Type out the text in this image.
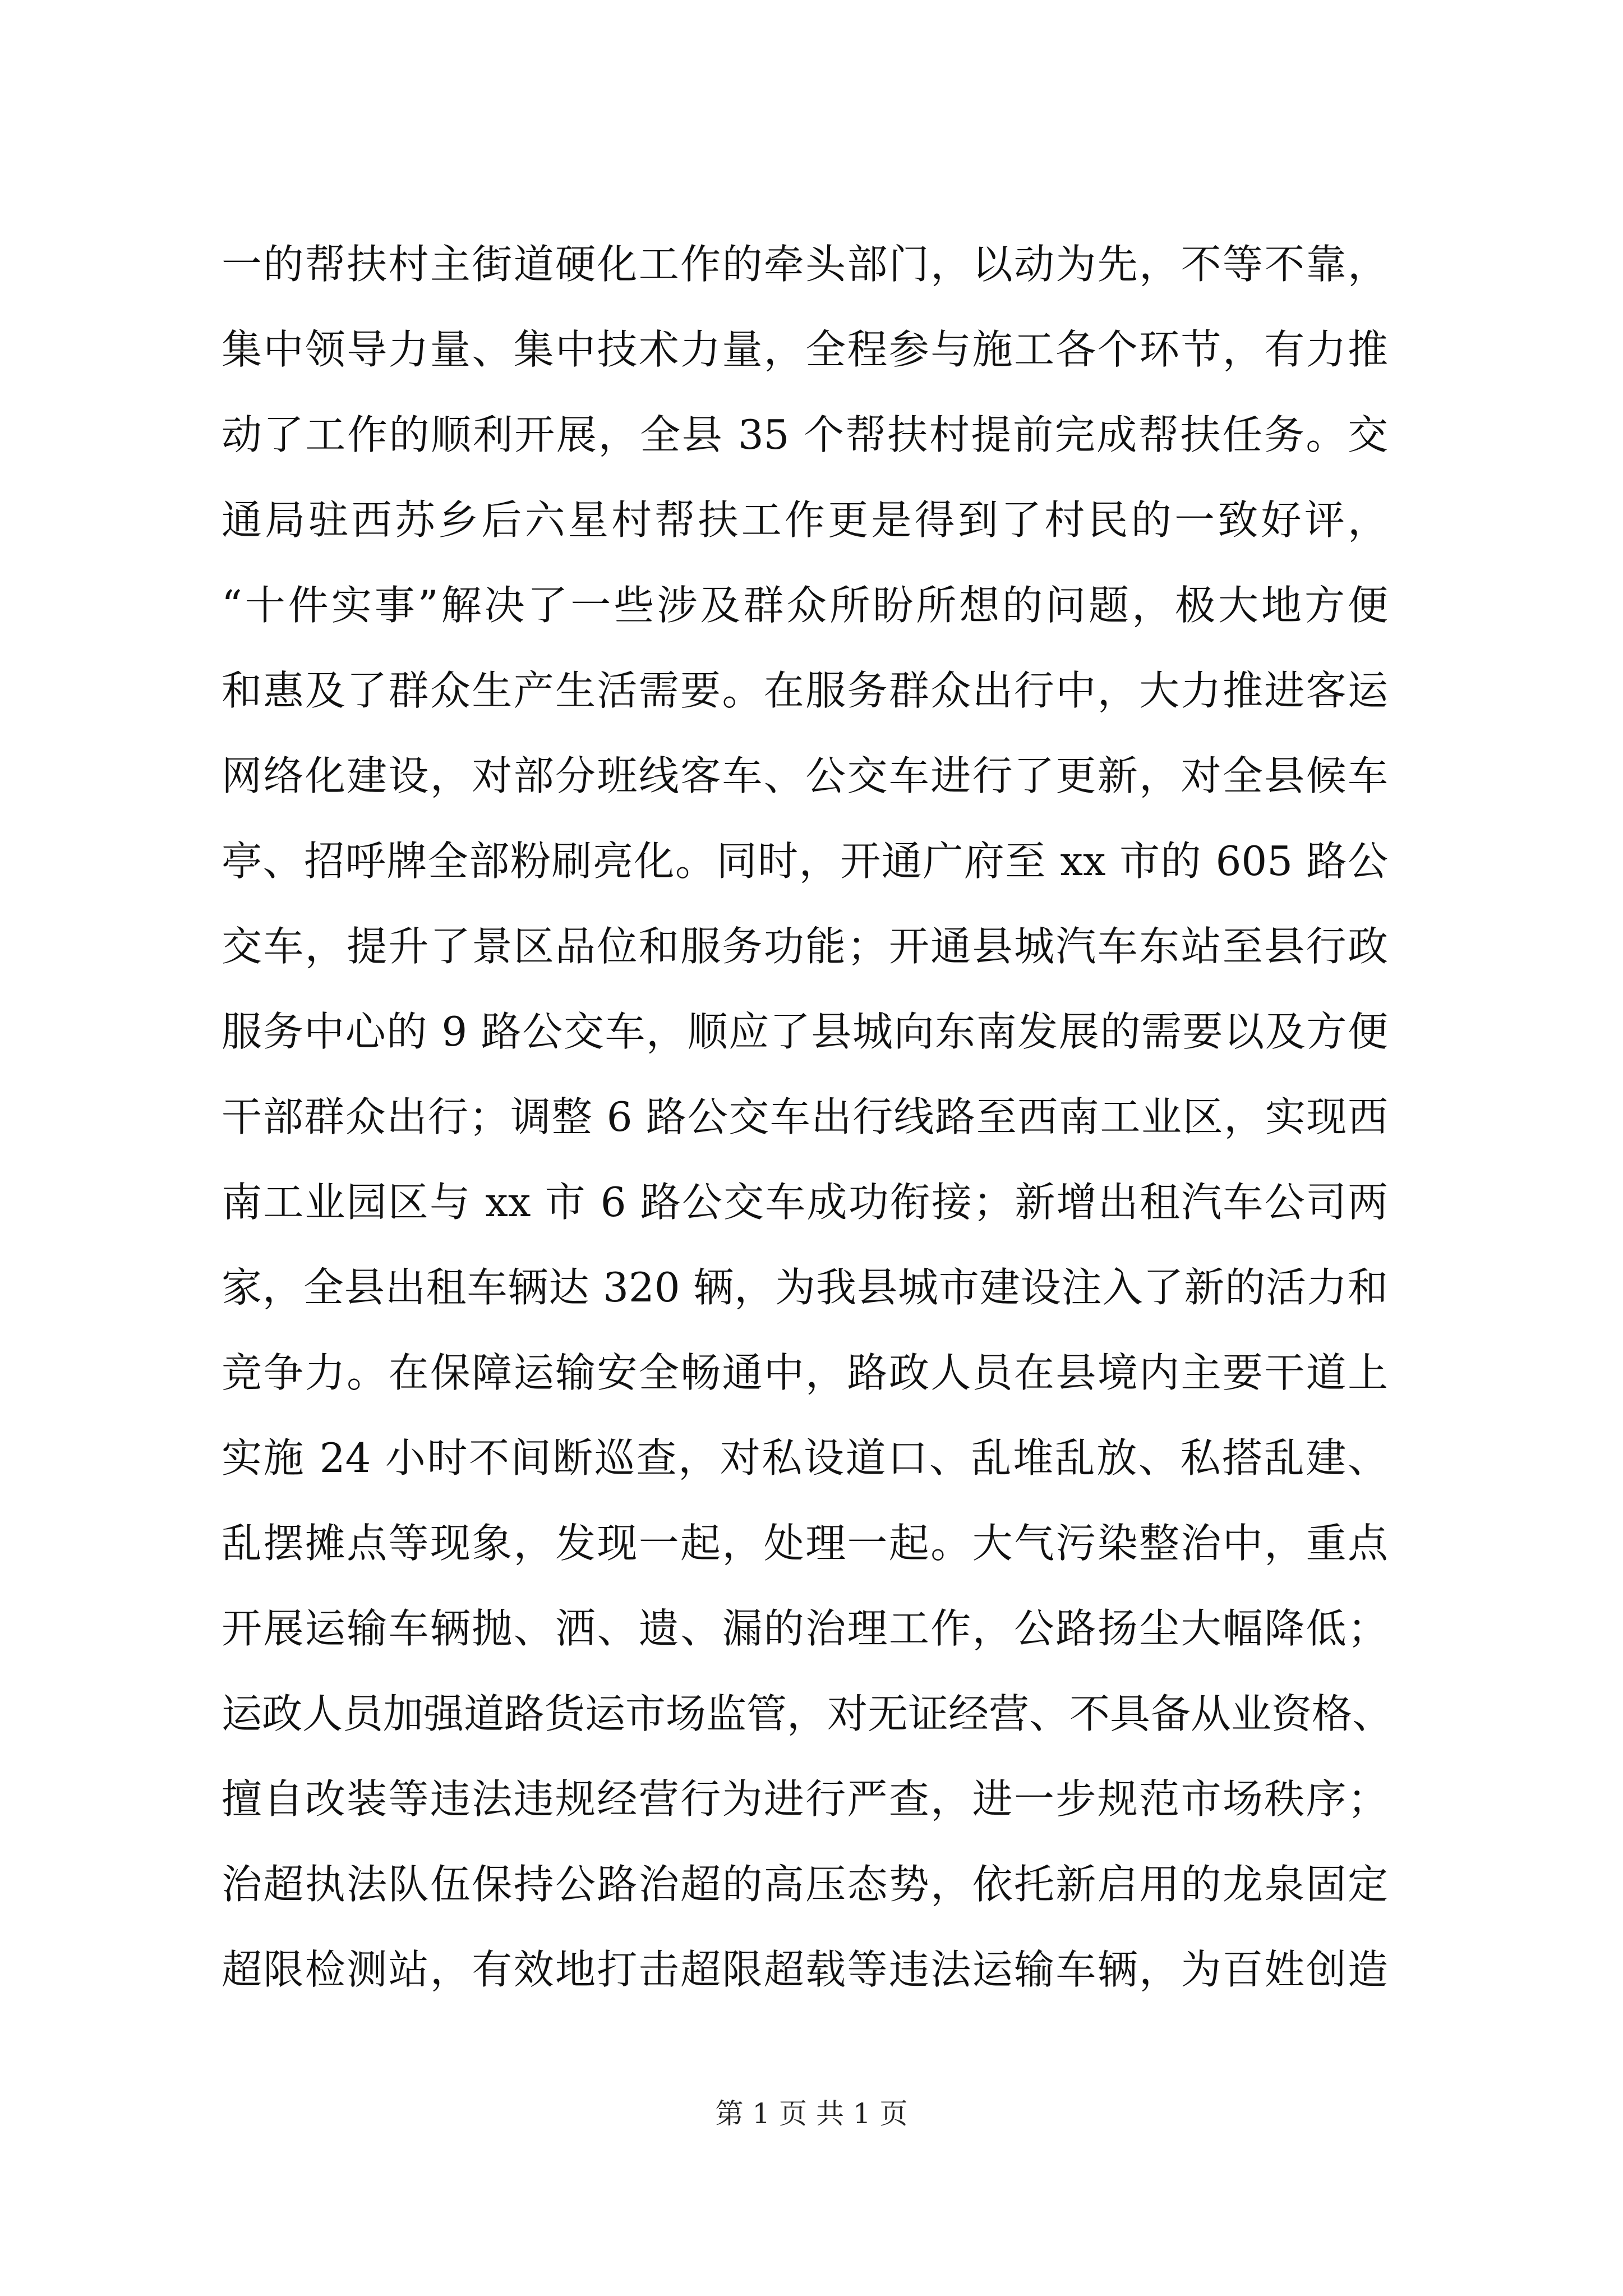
一的帮扶村主街道硬化工作的牵头部门，以动为先，不等不靠，
集中领导力量、集中技术力量，全程参与施工各个环节，有力推
动了工作的顺利开展，全县 35 个帮扶村提前完成帮扶任务。交
通局驻西苏乡后六星村帮扶工作更是得到了村民的一致好评，
“十件实事”解决了一些涉及群众所盼所想的问题，极大地方便
和惠及了群众生产生活需要。在服务群众出行中，大力推进客运
网络化建设，对部分班线客车、公交车进行了更新，对全县候车
亭、招呼牌全部粉刷亮化。同时，开通广府至 xx 市的 605 路公
交车，提升了景区品位和服务功能；开通县城汽车东站至县行政
服务中心的 9 路公交车，顺应了县城向东南发展的需要以及方便
干部群众出行；调整 6 路公交车出行线路至西南工业区，实现西
南工业园区与 xx 市 6 路公交车成功衔接；新增出租汽车公司两
家，全县出租车辆达 320 辆，为我县城市建设注入了新的活力和
竞争力。在保障运输安全畅通中，路政人员在县境内主要干道上
实施 24 小时不间断巡查，对私设道口、乱堆乱放、私搭乱建、
乱摆摊点等现象，发现一起，处理一起。大气污染整治中，重点
开展运输车辆抛、洒、遗、漏的治理工作，公路扬尘大幅降低；
运政人员加强道路货运市场监管，对无证经营、不具备从业资格、
擅自改装等违法违规经营行为进行严查，进一步规范市场秩序；
治超执法队伍保持公路治超的高压态势，依托新启用的龙泉固定
超限检测站，有效地打击超限超载等违法运输车辆，为百姓创造
第 1 页 共 1 页
